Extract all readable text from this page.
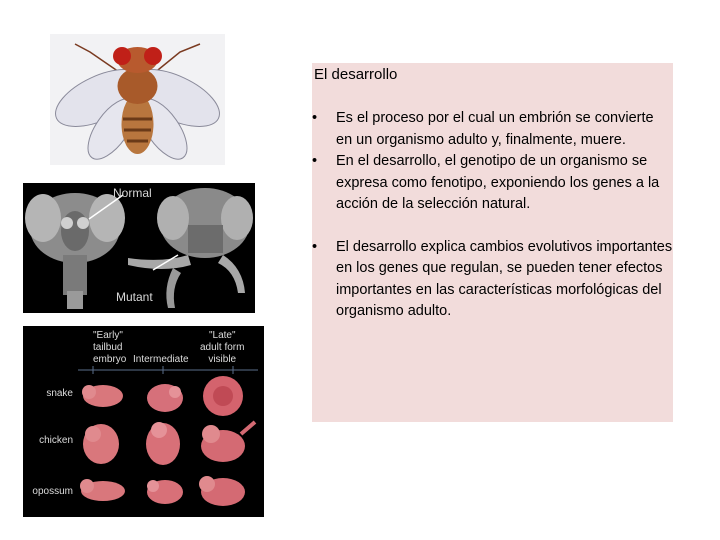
Normal
Mutant
"Early"
tailbud
embryo Intermediate
"Late"
adult form
visible
snake
chicken
opossum
El desarrollo
• Es el proceso por el cual un embrión se convierte en un organismo adulto y, finalmente, muere.
• En el desarrollo, el genotipo de un organismo se expresa como fenotipo, exponiendo los genes a la acción de la selección natural.
• El desarrollo explica cambios evolutivos importantes en los genes que regulan, se pueden tener efectos importantes en las características morfológicas del organismo adulto.
